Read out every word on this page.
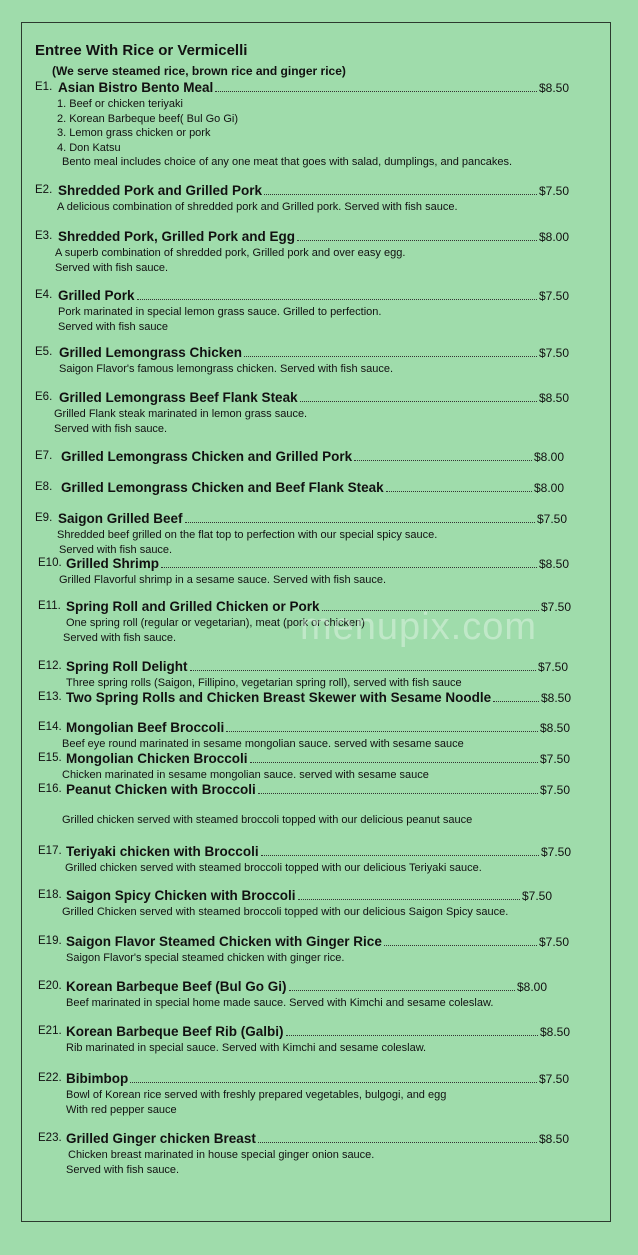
Entree With Rice or Vermicelli
(We serve steamed rice, brown rice and ginger rice)
E1. Asian Bistro Bento Meal	$8.50
1. Beef or chicken teriyaki
2. Korean Barbeque beef( Bul Go Gi)
3. Lemon grass chicken or pork
4. Don Katsu
Bento meal includes choice of any one meat that goes with salad, dumplings, and pancakes.
E2. Shredded Pork and Grilled Pork	$7.50
A delicious combination of shredded pork and Grilled pork. Served with fish sauce.
E3. Shredded Pork, Grilled Pork and Egg	$8.00
A superb combination of shredded pork, Grilled pork and over easy egg.
Served with fish sauce.
E4. Grilled Pork	$7.50
Pork marinated in special lemon grass sauce. Grilled to perfection.
Served with fish sauce
E5. Grilled Lemongrass Chicken	$7.50
Saigon Flavor's famous lemongrass chicken. Served with fish sauce.
E6. Grilled Lemongrass Beef Flank Steak	$8.50
Grilled Flank steak marinated in lemon grass sauce.
Served with fish sauce.
E7. Grilled Lemongrass Chicken and Grilled Pork	$8.00
E8. Grilled Lemongrass Chicken and Beef Flank Steak	$8.00
E9. Saigon Grilled Beef	$7.50
Shredded beef grilled on the flat top to perfection with our special spicy sauce.
Served with fish sauce.
E10. Grilled Shrimp	$8.50
Grilled Flavorful shrimp in a sesame sauce. Served with fish sauce.
E11. Spring Roll and Grilled Chicken or Pork	$7.50
One spring roll (regular or vegetarian), meat (pork or chicken)
Served with fish sauce.
E12. Spring Roll Delight	$7.50
Three spring rolls (Saigon, Fillipino, vegetarian spring roll), served with fish sauce
E13. Two Spring Rolls and Chicken Breast Skewer with Sesame Noodle	$8.50
E14. Mongolian Beef Broccoli	$8.50
Beef eye round marinated in sesame mongolian sauce. served with sesame sauce
E15. Mongolian Chicken Broccoli	$7.50
Chicken marinated in sesame mongolian sauce. served with sesame sauce
E16. Peanut Chicken with Broccoli	$7.50
Grilled chicken served with steamed broccoli topped with our delicious peanut sauce
E17. Teriyaki chicken with Broccoli	$7.50
Grilled chicken served with steamed broccoli topped with our delicious Teriyaki sauce.
E18. Saigon Spicy Chicken with Broccoli	$7.50
Grilled Chicken served with steamed broccoli topped with our delicious Saigon Spicy sauce.
E19. Saigon Flavor Steamed Chicken with Ginger Rice	$7.50
Saigon Flavor's special steamed chicken with ginger rice.
E20. Korean Barbeque Beef (Bul Go Gi)	$8.00
Beef marinated in special home made sauce. Served with Kimchi and sesame coleslaw.
E21. Korean Barbeque Beef Rib (Galbi)	$8.50
Rib marinated in special sauce. Served with Kimchi and sesame coleslaw.
E22. Bibimbop	$7.50
Bowl of Korean rice served with freshly prepared vegetables, bulgogi, and egg
With red pepper sauce
E23. Grilled Ginger chicken Breast	$8.50
Chicken breast marinated in house special ginger onion sauce.
Served with fish sauce.
menupix.com
